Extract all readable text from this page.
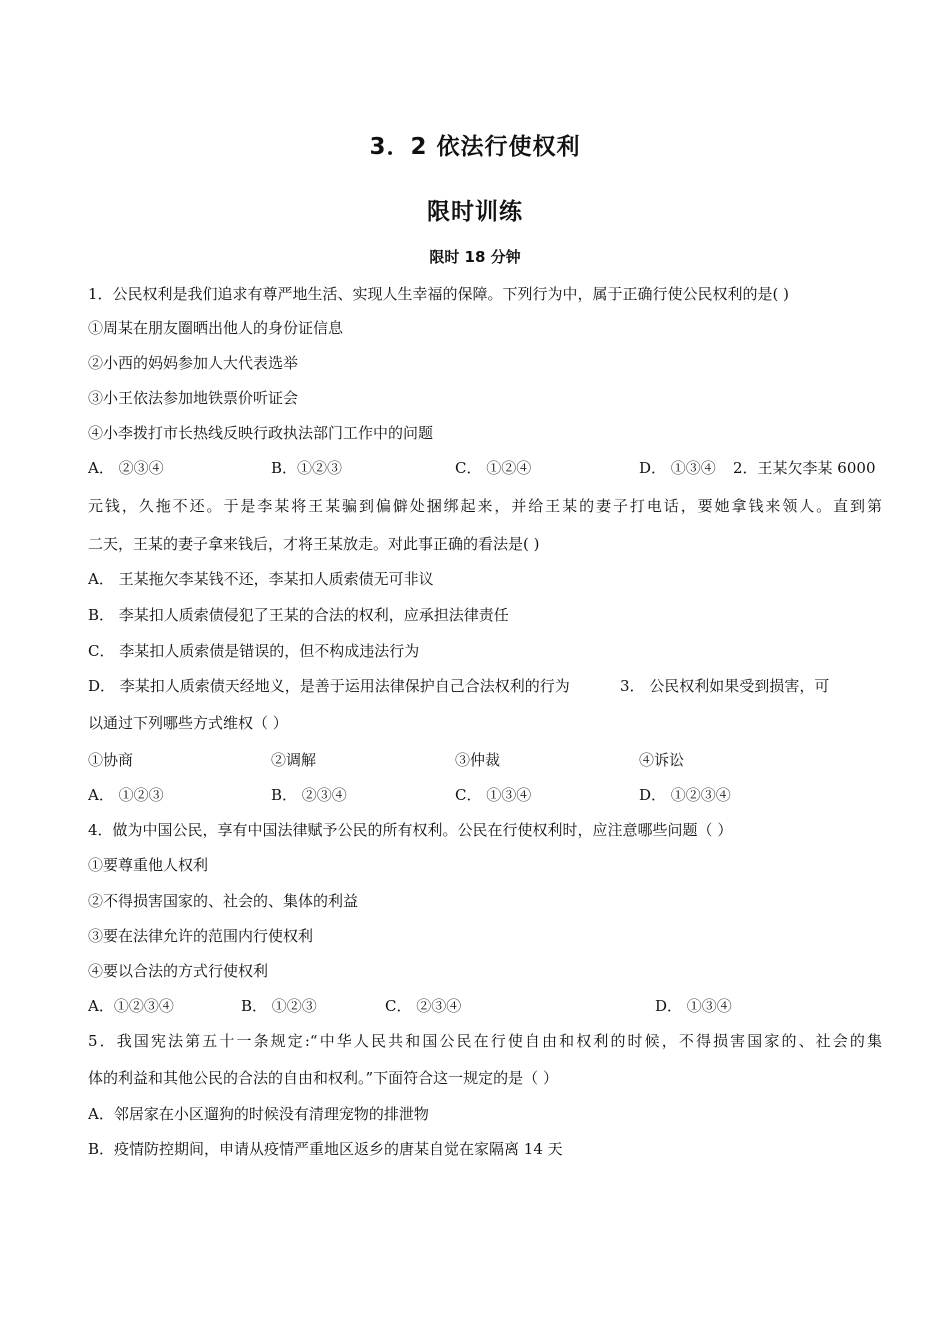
3．2 依法行使权利
限时训练
限时 18 分钟
1．公民权利是我们追求有尊严地生活、实现人生幸福的保障。下列行为中，属于正确行使公民权利的是( )
①周某在朋友圈晒出他人的身份证信息
②小西的妈妈参加人大代表选举
③小王依法参加地铁票价听证会
④小李拨打市长热线反映行政执法部门工作中的问题
A． ②③④	B．①②③	C． ①②④	D． ①③④ 2．王某欠李某 6000
元钱，久拖不还。于是李某将王某骗到偏僻处捆绑起来，并给王某的妻子打电话，要她拿钱来领人。直到第
二天，王某的妻子拿来钱后，才将王某放走。对此事正确的看法是( )
A． 王某拖欠李某钱不还，李某扣人质索债无可非议
B． 李某扣人质索债侵犯了王某的合法的权利，应承担法律责任
C． 李某扣人质索债是错误的，但不构成违法行为
D． 李某扣人质索债天经地义，是善于运用法律保护自己合法权利的行为	3． 公民权利如果受到损害，可
以通过下列哪些方式维权（ ）
①协商	②调解	③仲裁	④诉讼
A． ①②③	B． ②③④	C． ①③④	D． ①②③④
4．做为中国公民，享有中国法律赋予公民的所有权利。公民在行使权利时，应注意哪些问题（ ）
①要尊重他人权利
②不得损害国家的、社会的、集体的利益
③要在法律允许的范围内行使权利
④要以合法的方式行使权利
A．①②③④	B． ①②③	C． ②③④	D． ①③④
5．我国宪法第五十一条规定:“中华人民共和国公民在行使自由和权利的时候，不得损害国家的、社会的集
体的利益和其他公民的合法的自由和权利。”下面符合这一规定的是（ ）
A．邻居家在小区遛狗的时候没有清理宠物的排泄物
B．疫情防控期间，申请从疫情严重地区返乡的唐某自觉在家隔离 14 天
